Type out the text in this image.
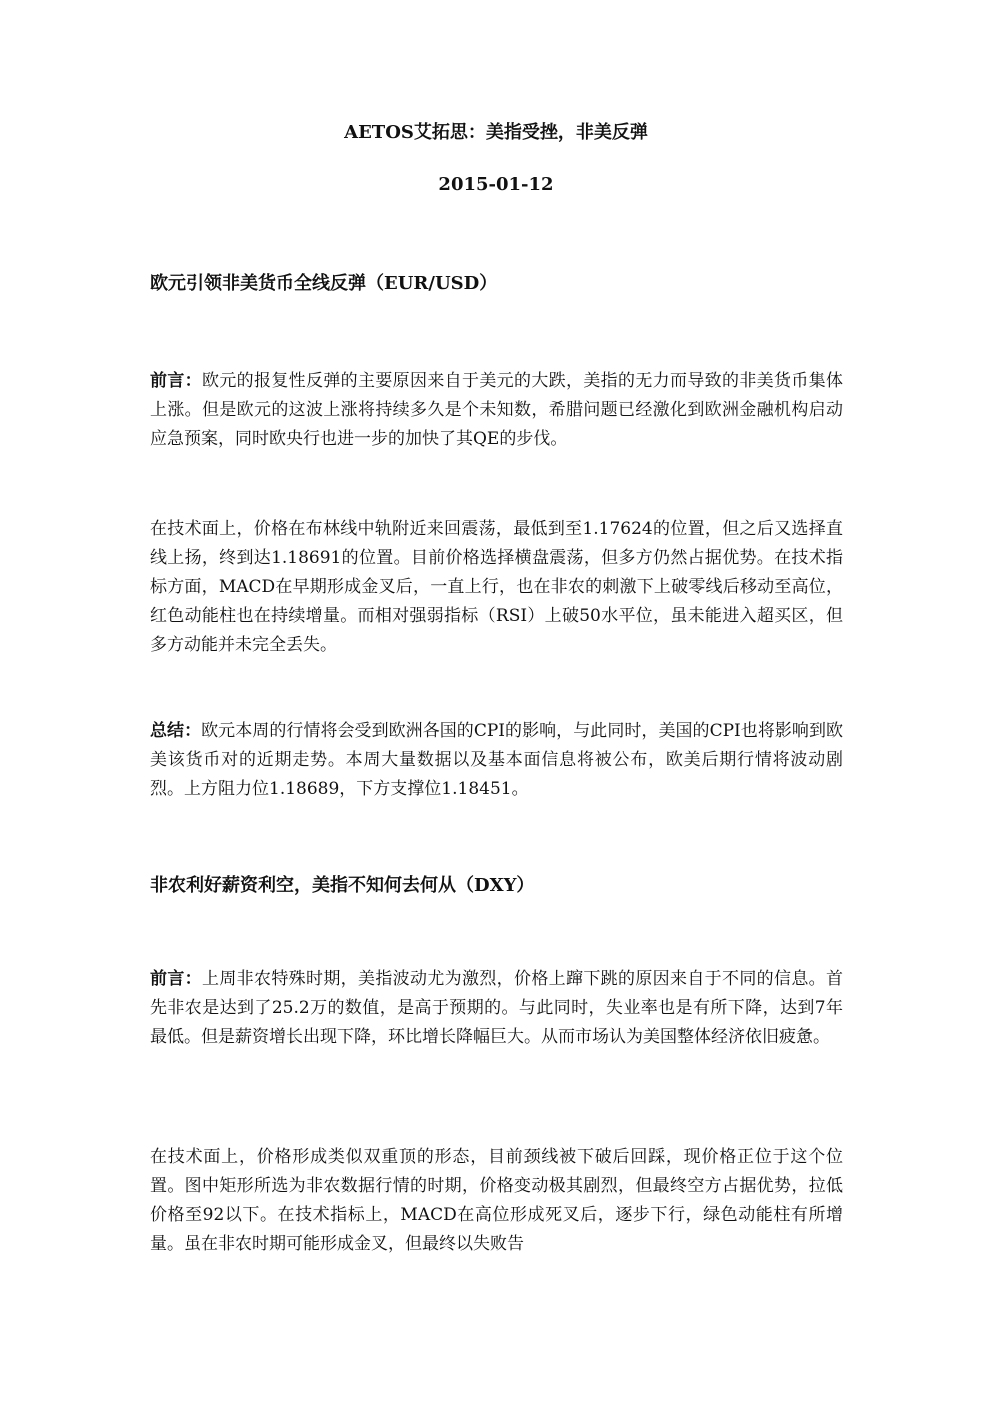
AETOS艾拓思：美指受挫，非美反弹
2015-01-12
欧元引领非美货币全线反弹（EUR/USD）

前言：欧元的报复性反弹的主要原因来自于美元的大跌，美指的无力而导致的非美货币集体上涨。但是欧元的这波上涨将持续多久是个未知数，希腊问题已经激化到欧洲金融机构启动应急预案，同时欧央行也进一步的加快了其QE的步伐。

在技术面上，价格在布林线中轨附近来回震荡，最低到至1.17624的位置，但之后又选择直线上扬，终到达1.18691的位置。目前价格选择横盘震荡，但多方仍然占据优势。在技术指标方面，MACD在早期形成金叉后，一直上行，也在非农的刺激下上破零线后移动至高位，红色动能柱也在持续增量。而相对强弱指标（RSI）上破50水平位，虽未能进入超买区，但多方动能并未完全丢失。

总结：欧元本周的行情将会受到欧洲各国的CPI的影响，与此同时，美国的CPI也将影响到欧美该货币对的近期走势。本周大量数据以及基本面信息将被公布，欧美后期行情将波动剧烈。上方阻力位1.18689，下方支撑位1.18451。

非农利好薪资利空，美指不知何去何从（DXY）

前言：上周非农特殊时期，美指波动尤为激烈，价格上蹿下跳的原因来自于不同的信息。首先非农是达到了25.2万的数值，是高于预期的。与此同时，失业率也是有所下降，达到7年最低。但是薪资增长出现下降，环比增长降幅巨大。从而市场认为美国整体经济依旧疲惫。

在技术面上，价格形成类似双重顶的形态，目前颈线被下破后回踩，现价格正位于这个位置。图中矩形所选为非农数据行情的时期，价格变动极其剧烈，但最终空方占据优势，拉低价格至92以下。在技术指标上，MACD在高位形成死叉后，逐步下行，绿色动能柱有所增量。虽在非农时期可能形成金叉，但最终以失败告
